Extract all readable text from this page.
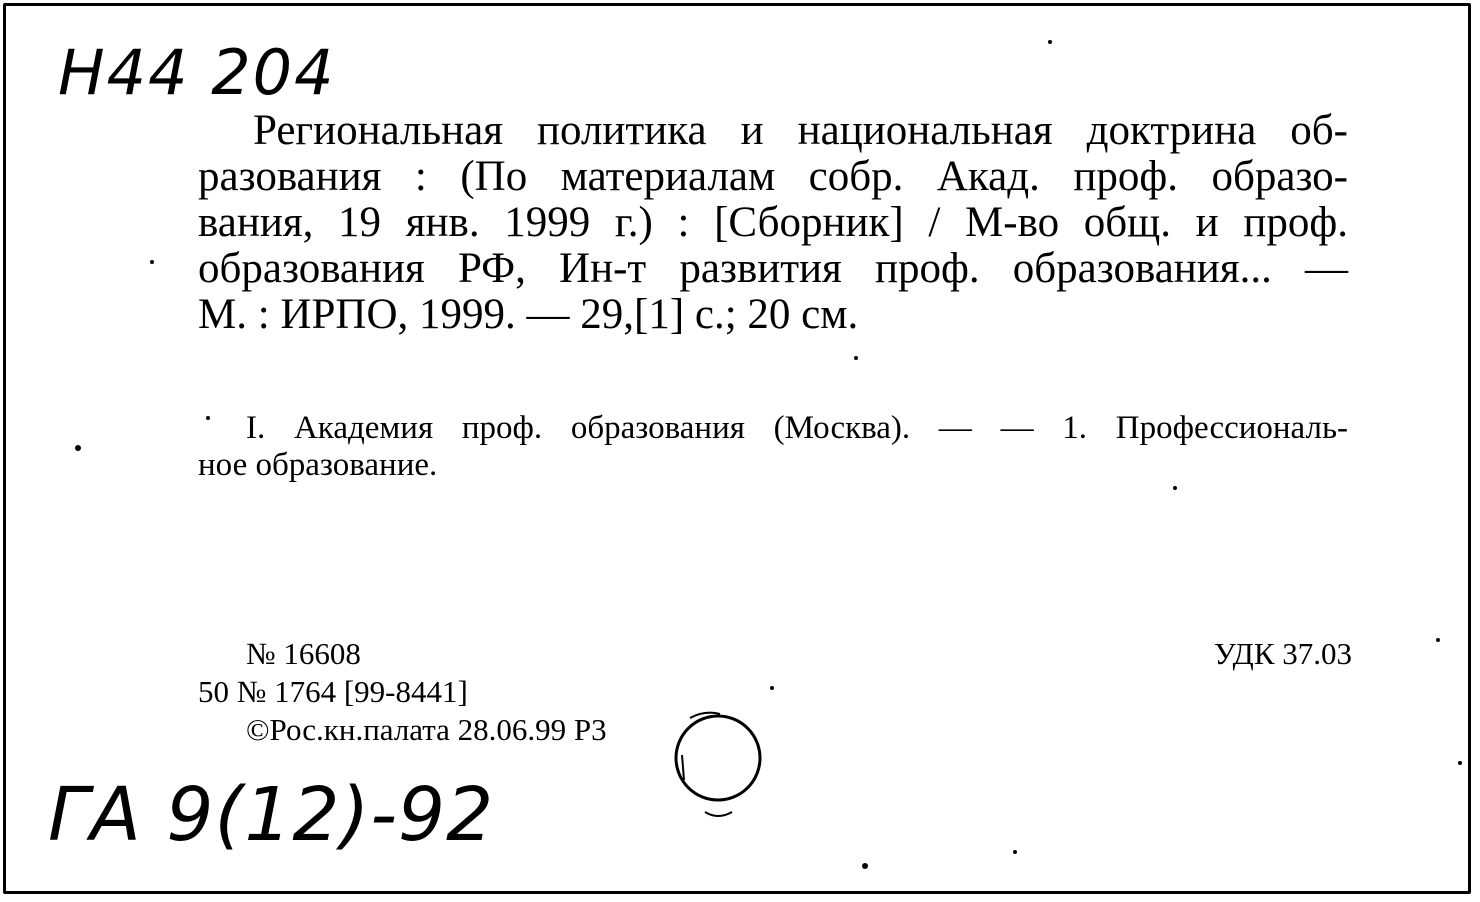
Н44 204
Региональная политика и национальная доктрина об-
разования : (По материалам собр. Акад. проф. образо-
вания, 19 янв. 1999 г.) : [Сборник] / М-во общ. и проф.
образования РФ, Ин-т развития проф. образования... —
М. : ИРПО, 1999. — 29,[1] с.; 20 см.
I. Академия проф. образования (Москва). — — 1. Профессиональ-
ное образование.
№ 16608
50 № 1764 [99-8441]
©Рос.кн.палата 28.06.99 Р3
УДК 37.03
ГА 9(12)-92
